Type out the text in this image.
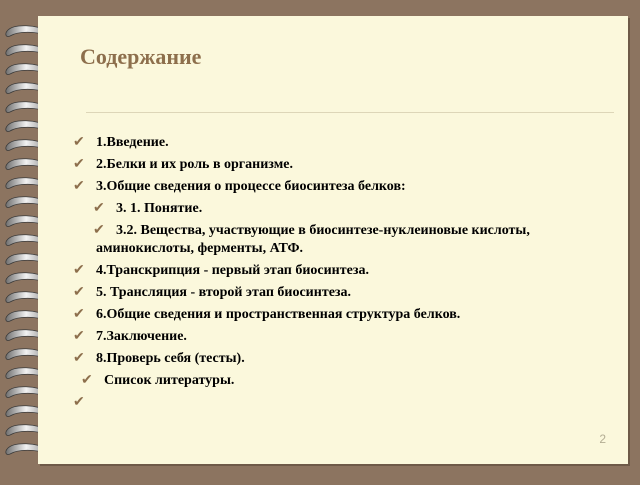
Содержание
✔ 1.Введение.
✔ 2.Белки и их роль в организме.
✔ 3.Общие сведения о процессе биосинтеза белков:
✔ 3. 1. Понятие.
✔ 3.2. Вещества, участвующие в биосинтезе-нуклеиновые кислоты, аминокислоты, ферменты, АТФ.
✔ 4.Транскрипция - первый этап биосинтеза.
✔ 5. Трансляция - второй этап биосинтеза.
✔ 6.Общие сведения и пространственная структура белков.
✔ 7.Заключение.
✔ 8.Проверь себя (тесты).
✔ Список литературы.
✔
2
